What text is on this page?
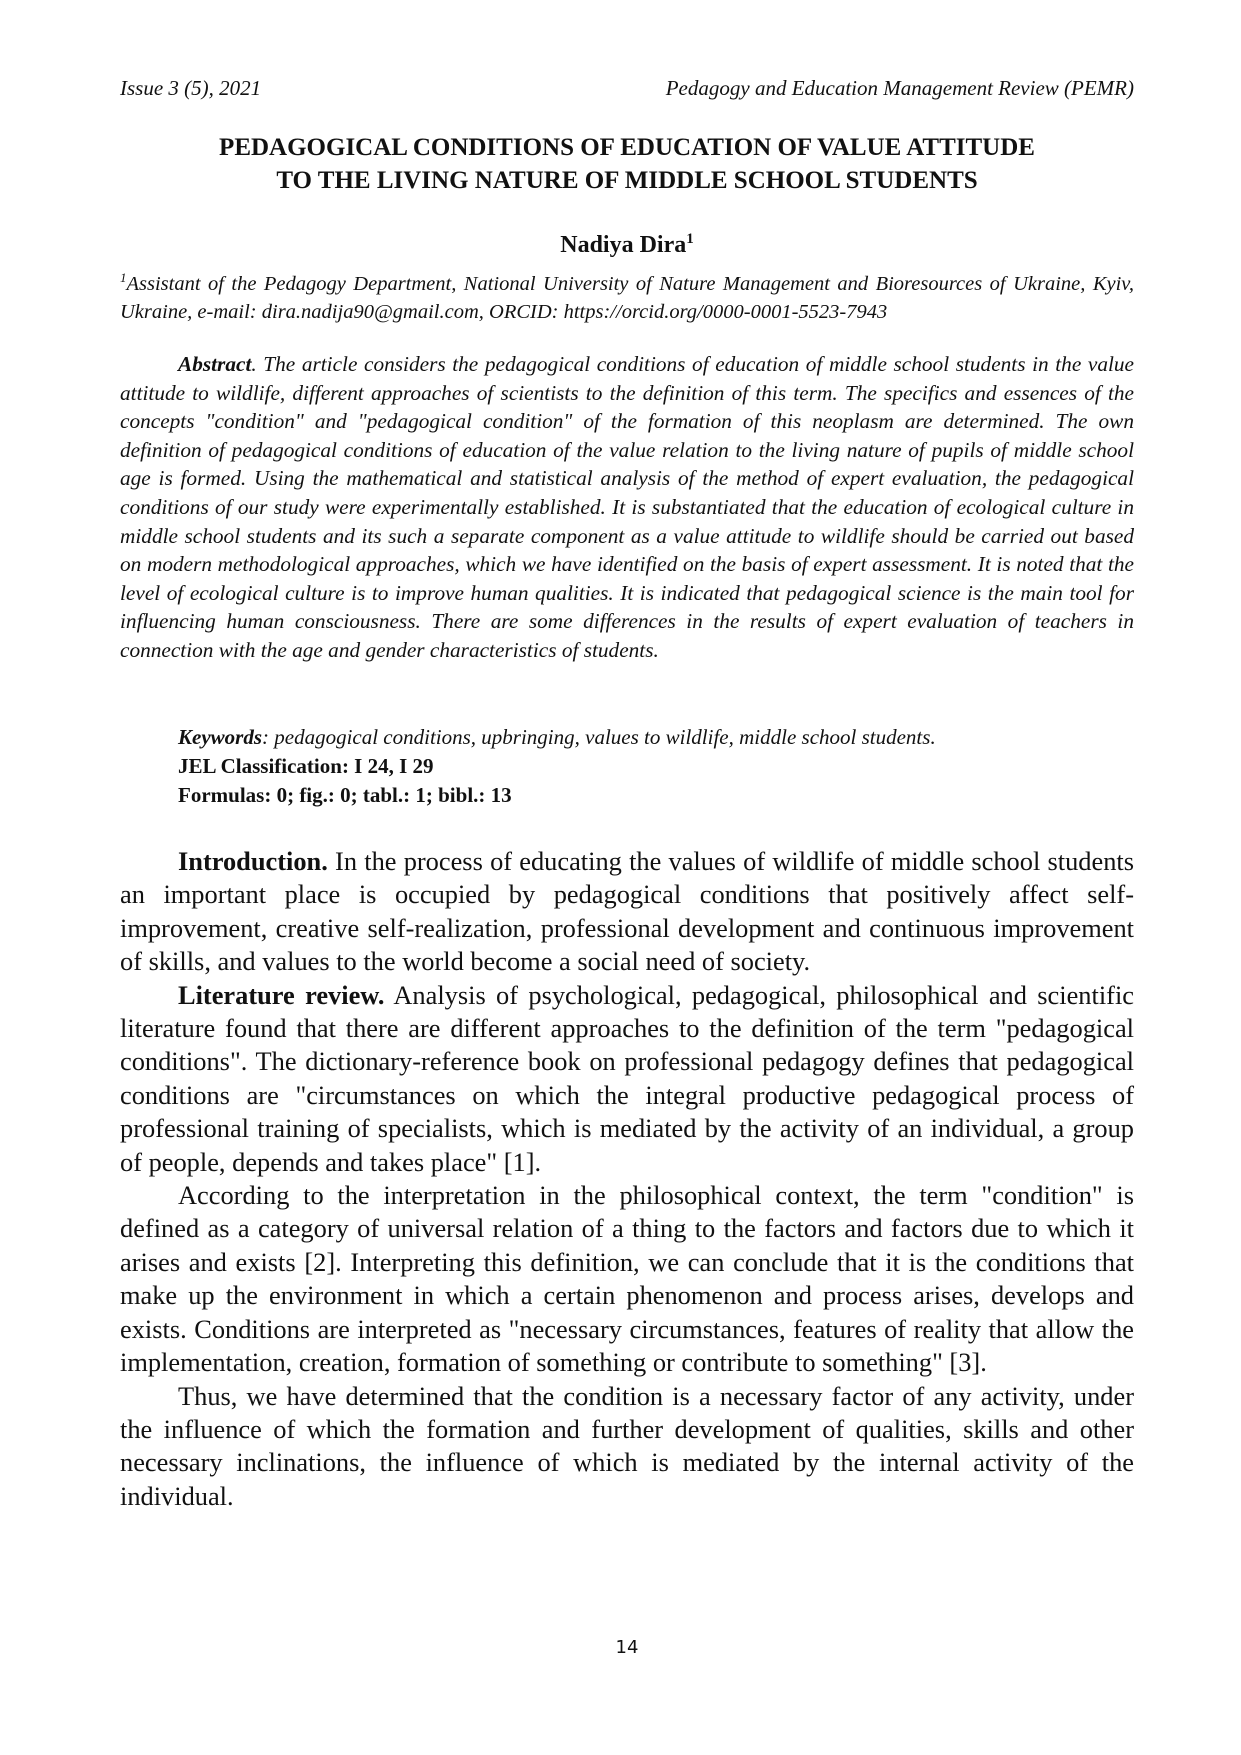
Issue 3 (5), 2021	Pedagogy and Education Management Review (PEMR)
PEDAGOGICAL CONDITIONS OF EDUCATION OF VALUE ATTITUDE
TO THE LIVING NATURE OF MIDDLE SCHOOL STUDENTS
Nadiya Dira$^1$
$^1$Assistant of the Pedagogy Department, National University of Nature Management and Bioresources of Ukraine, Kyiv, Ukraine, e-mail: dira.nadija90@gmail.com, ORCID: https://orcid.org/0000-0001-5523-7943
Abstract. The article considers the pedagogical conditions of education of middle school students in the value attitude to wildlife, different approaches of scientists to the definition of this term. The specifics and essences of the concepts "condition" and "pedagogical condition" of the formation of this neoplasm are determined. The own definition of pedagogical conditions of education of the value relation to the living nature of pupils of middle school age is formed. Using the mathematical and statistical analysis of the method of expert evaluation, the pedagogical conditions of our study were experimentally established. It is substantiated that the education of ecological culture in middle school students and its such a separate component as a value attitude to wildlife should be carried out based on modern methodological approaches, which we have identified on the basis of expert assessment. It is noted that the level of ecological culture is to improve human qualities. It is indicated that pedagogical science is the main tool for influencing human consciousness. There are some differences in the results of expert evaluation of teachers in connection with the age and gender characteristics of students.
Keywords: pedagogical conditions, upbringing, values to wildlife, middle school students.
JEL Classification: I 24, I 29
Formulas: 0; fig.: 0; tabl.: 1; bibl.: 13

Introduction. In the process of educating the values of wildlife of middle school students an important place is occupied by pedagogical conditions that positively affect self-improvement, creative self-realization, professional development and continuous improvement of skills, and values to the world become a social need of society.

Literature review. Analysis of psychological, pedagogical, philosophical and scientific literature found that there are different approaches to the definition of the term "pedagogical conditions". The dictionary-reference book on professional pedagogy defines that pedagogical conditions are "circumstances on which the integral productive pedagogical process of professional training of specialists, which is mediated by the activity of an individual, a group of people, depends and takes place" [1].

According to the interpretation in the philosophical context, the term "condition" is defined as a category of universal relation of a thing to the factors and factors due to which it arises and exists [2]. Interpreting this definition, we can conclude that it is the conditions that make up the environment in which a certain phenomenon and process arises, develops and exists. Conditions are interpreted as "necessary circumstances, features of reality that allow the implementation, creation, formation of something or contribute to something" [3].

Thus, we have determined that the condition is a necessary factor of any activity, under the influence of which the formation and further development of qualities, skills and other necessary inclinations, the influence of which is mediated by the internal activity of the individual.

14
